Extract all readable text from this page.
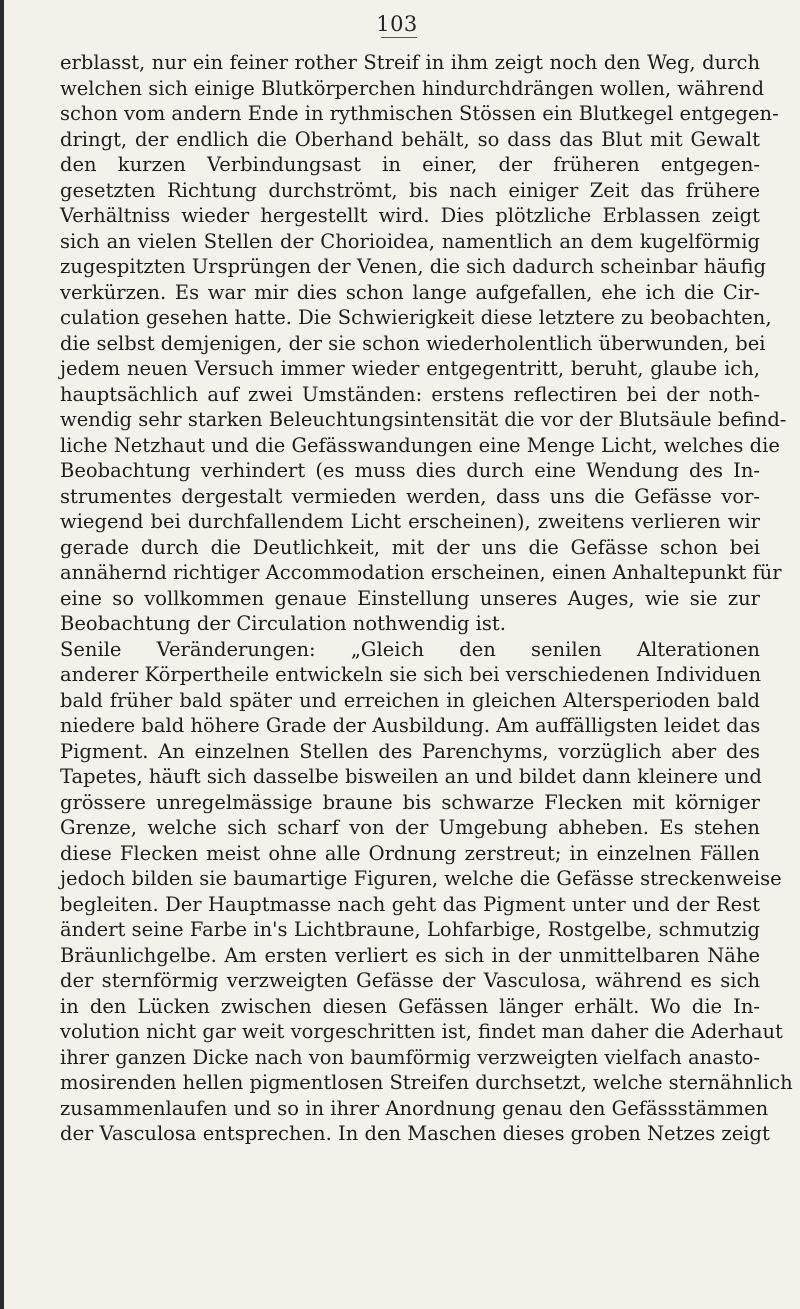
103
erblasst, nur ein feiner rother Streif in ihm zeigt noch den Weg, durch
welchen sich einige Blutkörperchen hindurchdrängen wollen, während
schon vom andern Ende in rythmischen Stössen ein Blutkegel entgegen-
dringt, der endlich die Oberhand behält, so dass das Blut mit Gewalt
den kurzen Verbindungsast in einer, der früheren entgegen-
gesetzten Richtung durchströmt, bis nach einiger Zeit das frühere
Verhältniss wieder hergestellt wird. Dies plötzliche Erblassen zeigt
sich an vielen Stellen der Chorioidea, namentlich an dem kugelförmig
zugespitzten Ursprüngen der Venen, die sich dadurch scheinbar häufig
verkürzen. Es war mir dies schon lange aufgefallen, ehe ich die Cir-
culation gesehen hatte. Die Schwierigkeit diese letztere zu beobachten,
die selbst demjenigen, der sie schon wiederholentlich überwunden, bei
jedem neuen Versuch immer wieder entgegentritt, beruht, glaube ich,
hauptsächlich auf zwei Umständen: erstens reflectiren bei der noth-
wendig sehr starken Beleuchtungsintensität die vor der Blutsäule befind-
liche Netzhaut und die Gefässwandungen eine Menge Licht, welches die
Beobachtung verhindert (es muss dies durch eine Wendung des In-
strumentes dergestalt vermieden werden, dass uns die Gefässe vor-
wiegend bei durchfallendem Licht erscheinen), zweitens verlieren wir
gerade durch die Deutlichkeit, mit der uns die Gefässe schon bei
annähernd richtiger Accommodation erscheinen, einen Anhaltepunkt für
eine so vollkommen genaue Einstellung unseres Auges, wie sie zur
Beobachtung der Circulation nothwendig ist.
Senile Veränderungen: „Gleich den senilen Alterationen
anderer Körpertheile entwickeln sie sich bei verschiedenen Individuen
bald früher bald später und erreichen in gleichen Altersperioden bald
niedere bald höhere Grade der Ausbildung. Am auffälligsten leidet das
Pigment. An einzelnen Stellen des Parenchyms, vorzüglich aber des
Tapetes, häuft sich dasselbe bisweilen an und bildet dann kleinere und
grössere unregelmässige braune bis schwarze Flecken mit körniger
Grenze, welche sich scharf von der Umgebung abheben. Es stehen
diese Flecken meist ohne alle Ordnung zerstreut; in einzelnen Fällen
jedoch bilden sie baumartige Figuren, welche die Gefässe streckenweise
begleiten. Der Hauptmasse nach geht das Pigment unter und der Rest
ändert seine Farbe in's Lichtbraune, Lohfarbige, Rostgelbe, schmutzig
Bräunlichgelbe. Am ersten verliert es sich in der unmittelbaren Nähe
der sternförmig verzweigten Gefässe der Vasculosa, während es sich
in den Lücken zwischen diesen Gefässen länger erhält. Wo die In-
volution nicht gar weit vorgeschritten ist, findet man daher die Aderhaut
ihrer ganzen Dicke nach von baumförmig verzweigten vielfach anasto-
mosirenden hellen pigmentlosen Streifen durchsetzt, welche sternähnlich
zusammenlaufen und so in ihrer Anordnung genau den Gefässstämmen
der Vasculosa entsprechen. In den Maschen dieses groben Netzes zeigt
